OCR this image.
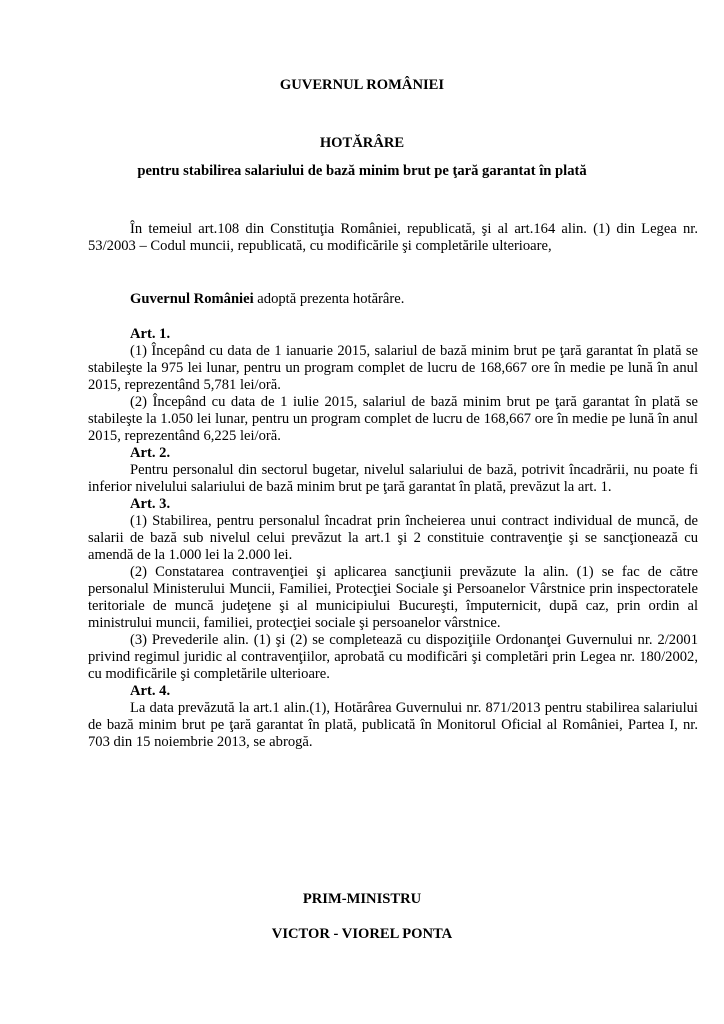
GUVERNUL ROMÂNIEI
HOTĂRÂRE
pentru stabilirea salariului de bază minim brut pe ţară garantat în plată

În temeiul art.108 din Constituţia României, republicată, şi al art.164 alin. (1) din Legea nr. 53/2003 – Codul muncii, republicată, cu modificările şi completările ulterioare,

Guvernul României adoptă prezenta hotărâre.

Art. 1.

(1) Începând cu data de 1 ianuarie 2015, salariul de bază minim brut pe ţară garantat în plată se stabileşte la 975 lei lunar, pentru un program complet de lucru de 168,667 ore în medie pe lună în anul 2015, reprezentând 5,781 lei/oră.

(2) Începând cu data de 1 iulie 2015, salariul de bază minim brut pe ţară garantat în plată se stabileşte la 1.050 lei lunar, pentru un program complet de lucru de 168,667 ore în medie pe lună în anul 2015, reprezentând 6,225 lei/oră.

Art. 2.

Pentru personalul din sectorul bugetar, nivelul salariului de bază, potrivit încadrării, nu poate fi inferior nivelului salariului de bază minim brut pe ţară garantat în plată, prevăzut la art. 1.

Art. 3.

(1) Stabilirea, pentru personalul încadrat prin încheierea unui contract individual de muncă, de salarii de bază sub nivelul celui prevăzut la art.1 şi 2 constituie contravenţie şi se sancţionează cu amendă de la 1.000 lei la 2.000 lei.

(2) Constatarea contravenţiei şi aplicarea sancţiunii prevăzute la alin. (1) se fac de către personalul Ministerului Muncii, Familiei, Protecţiei Sociale şi Persoanelor Vârstnice prin inspectoratele teritoriale de muncă judeţene şi al municipiului Bucureşti, împuternicit, după caz, prin ordin al ministrului muncii, familiei, protecţiei sociale şi persoanelor vârstnice.

(3) Prevederile alin. (1) şi (2) se completează cu dispoziţiile Ordonanţei Guvernului nr. 2/2001 privind regimul juridic al contravenţiilor, aprobată cu modificări şi completări prin Legea nr. 180/2002, cu modificările şi completările ulterioare.

Art. 4.

La data prevăzută la art.1 alin.(1), Hotărârea Guvernului nr. 871/2013 pentru stabilirea salariului de bază minim brut pe ţară garantat în plată, publicată în Monitorul Oficial al României, Partea I, nr. 703 din 15 noiembrie 2013, se abrogă.

PRIM-MINISTRU
VICTOR - VIOREL PONTA
